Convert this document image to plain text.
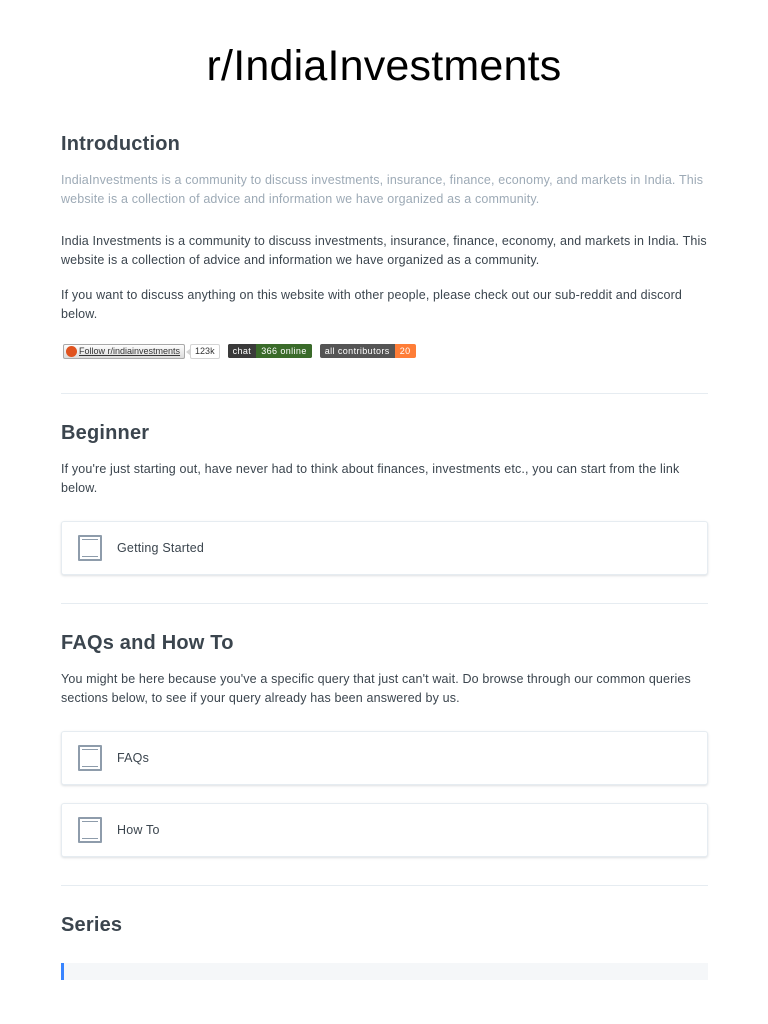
r/IndiaInvestments
Introduction

IndiaInvestments is a community to discuss investments, insurance, finance, economy, and markets in India. This website is a collection of advice and information we have organized as a community.

India Investments is a community to discuss investments, insurance, finance, economy, and markets in India. This website is a collection of advice and information we have organized as a community.

If you want to discuss anything on this website with other people, please check out our sub-reddit and discord below.

Follow r/indiainvestments	123k	chat	366 online	all contributors	20
Beginner

If you're just starting out, have never had to think about finances, investments etc., you can start from the link below.

Getting Started
FAQs and How To

You might be here because you've a specific query that just can't wait. Do browse through our common queries sections below, to see if your query already has been answered by us.

FAQs
How To
Series
